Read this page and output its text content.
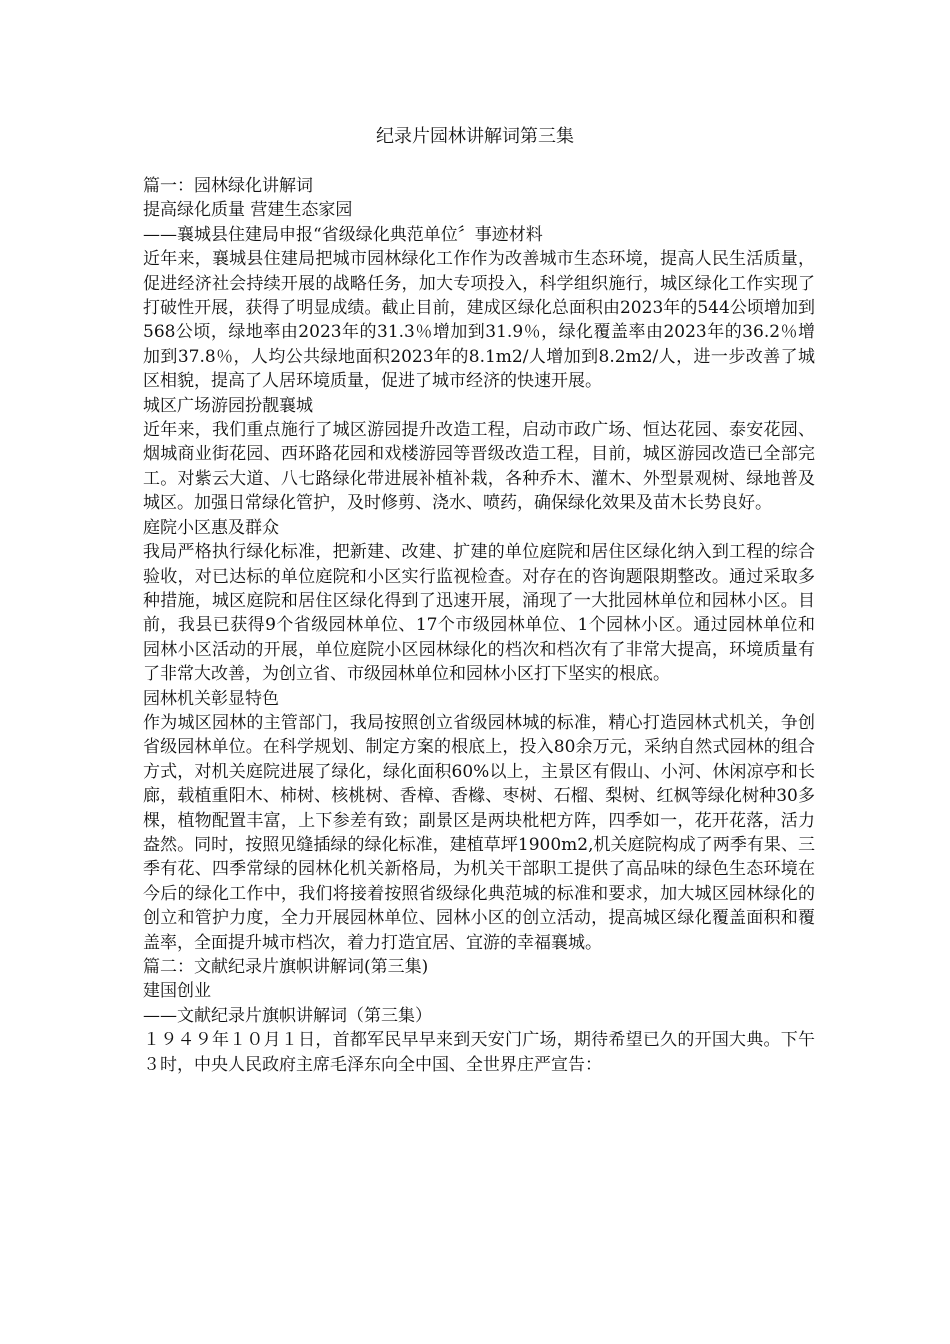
纪录片园林讲解词第三集

篇一：园林绿化讲解词

提高绿化质量 营建生态家园

——襄城县住建局申报“省级绿化典范单位〞事迹材料

近年来，襄城县住建局把城市园林绿化工作作为改善城市生态环境，提高人民生活质量，促进经济社会持续开展的战略任务，加大专项投入，科学组织施行，城区绿化工作实现了打破性开展，获得了明显成绩。截止目前，建成区绿化总面积由2023年的544公顷增加到568公顷，绿地率由2023年的31.3％增加到31.9％，绿化覆盖率由2023年的36.2％增加到37.8％，人均公共绿地面积2023年的8.1m2/人增加到8.2m2/人，进一步改善了城区相貌，提高了人居环境质量，促进了城市经济的快速开展。

城区广场游园扮靓襄城

近年来，我们重点施行了城区游园提升改造工程，启动市政广场、恒达花园、泰安花园、烟城商业街花园、西环路花园和戏楼游园等晋级改造工程，目前，城区游园改造已全部完工。对紫云大道、八七路绿化带进展补植补栽，各种乔木、灌木、外型景观树、绿地普及城区。加强日常绿化管护，及时修剪、浇水、喷药，确保绿化效果及苗木长势良好。

庭院小区惠及群众

我局严格执行绿化标准，把新建、改建、扩建的单位庭院和居住区绿化纳入到工程的综合验收，对已达标的单位庭院和小区实行监视检查。对存在的咨询题限期整改。通过采取多种措施，城区庭院和居住区绿化得到了迅速开展，涌现了一大批园林单位和园林小区。目前，我县已获得9个省级园林单位、17个市级园林单位、1个园林小区。通过园林单位和园林小区活动的开展，单位庭院小区园林绿化的档次和档次有了非常大提高，环境质量有了非常大改善，为创立省、市级园林单位和园林小区打下坚实的根底。

园林机关彰显特色

作为城区园林的主管部门，我局按照创立省级园林城的标准，精心打造园林式机关，争创省级园林单位。在科学规划、制定方案的根底上，投入80余万元，采纳自然式园林的组合方式，对机关庭院进展了绿化，绿化面积60%以上，主景区有假山、小河、休闲凉亭和长廊，载植重阳木、柿树、核桃树、香樟、香橼、枣树、石榴、梨树、红枫等绿化树种30多棵，植物配置丰富，上下参差有致；副景区是两块枇杷方阵，四季如一，花开花落，活力盎然。同时，按照见缝插绿的绿化标准，建植草坪1900m2,机关庭院构成了两季有果、三季有花、四季常绿的园林化机关新格局，为机关干部职工提供了高品味的绿色生态环境在今后的绿化工作中，我们将接着按照省级绿化典范城的标准和要求，加大城区园林绿化的创立和管护力度，全力开展园林单位、园林小区的创立活动，提高城区绿化覆盖面积和覆盖率，全面提升城市档次，着力打造宜居、宜游的幸福襄城。

篇二：文献纪录片旗帜讲解词(第三集)

建国创业

——文献纪录片旗帜讲解词（第三集）

１９４９年１０月１日，首都军民早早来到天安门广场，期待希望已久的开国大典。下午３时，中央人民政府主席毛泽东向全中国、全世界庄严宣告：
